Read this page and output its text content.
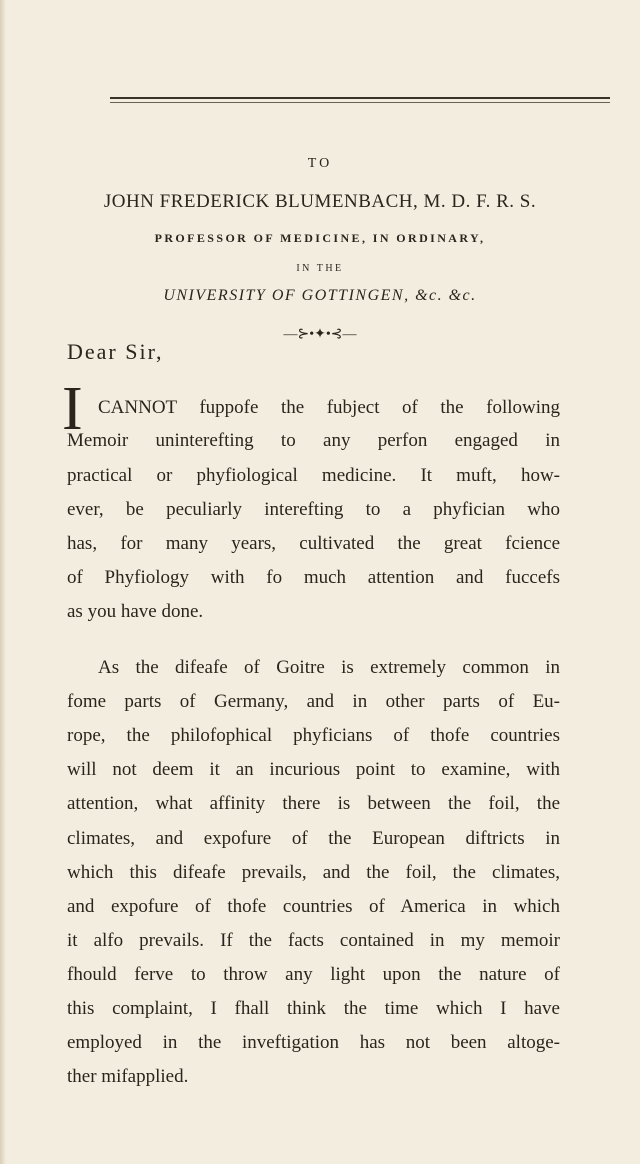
TO
JOHN FREDERICK BLUMENBACH, M. D. F. R. S.
PROFESSOR OF MEDICINE, IN ORDINARY,
IN THE
UNIVERSITY OF GOTTINGEN, &c. &c.
—⊱•✦•⊰—
Dear Sir,
I CANNOT fuppofe the fubject of the following
Memoir uninterefting to any perfon engaged in
practical or phyfiological medicine. It muft, how-
ever, be peculiarly interefting to a phyfician who
has, for many years, cultivated the great fcience
of Phyfiology with fo much attention and fuccefs
as you have done.
As the difeafe of Goitre is extremely common in
fome parts of Germany, and in other parts of Eu-
rope, the philofophical phyficians of thofe countries
will not deem it an incurious point to examine, with
attention, what affinity there is between the foil, the
climates, and expofure of the European diftricts in
which this difeafe prevails, and the foil, the climates,
and expofure of thofe countries of America in which
it alfo prevails. If the facts contained in my memoir
fhould ferve to throw any light upon the nature of
this complaint, I fhall think the time which I have
employed in the inveftigation has not been altoge-
ther mifapplied.
